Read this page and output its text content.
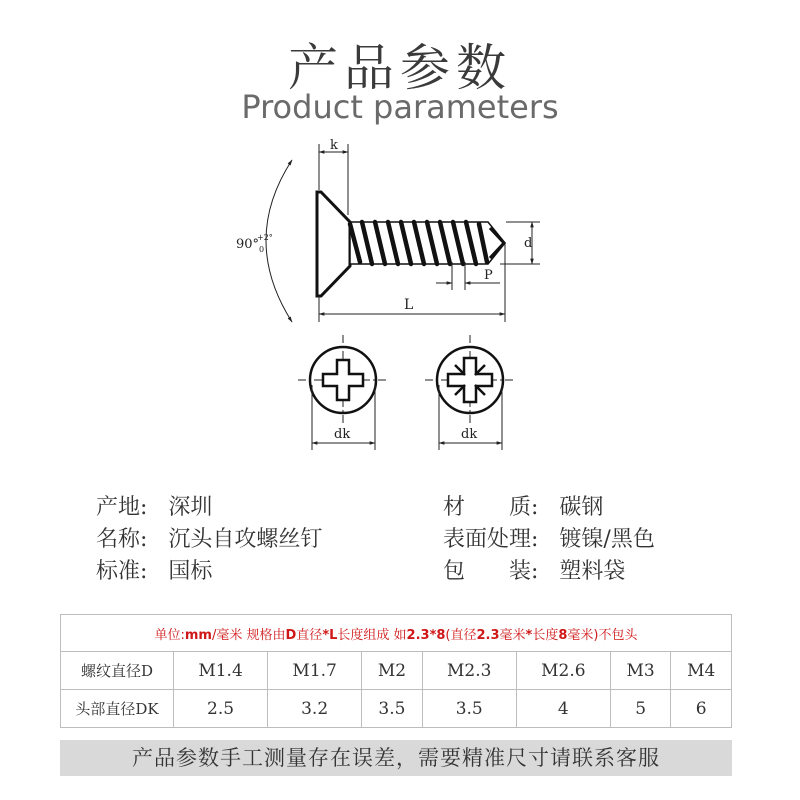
产品参数
Product parameters
90°
+2°
0
k
d
P
L
dk	dk
产地: 深圳
名称: 沉头自攻螺丝钉
标准: 国标
材　　质: 碳钢
表面处理: 镀镍/黑色
包　　装: 塑料袋
单位:mm/毫米 规格由D直径*L长度组成 如2.3*8(直径2.3毫米*长度8毫米)不包头							
螺纹直径D	M1.4	M1.7	M2	M2.3	M2.6	M3	M4
头部直径DK	2.5	3.2	3.5	3.5	4	5	6
产品参数手工测量存在误差，需要精准尺寸请联系客服
